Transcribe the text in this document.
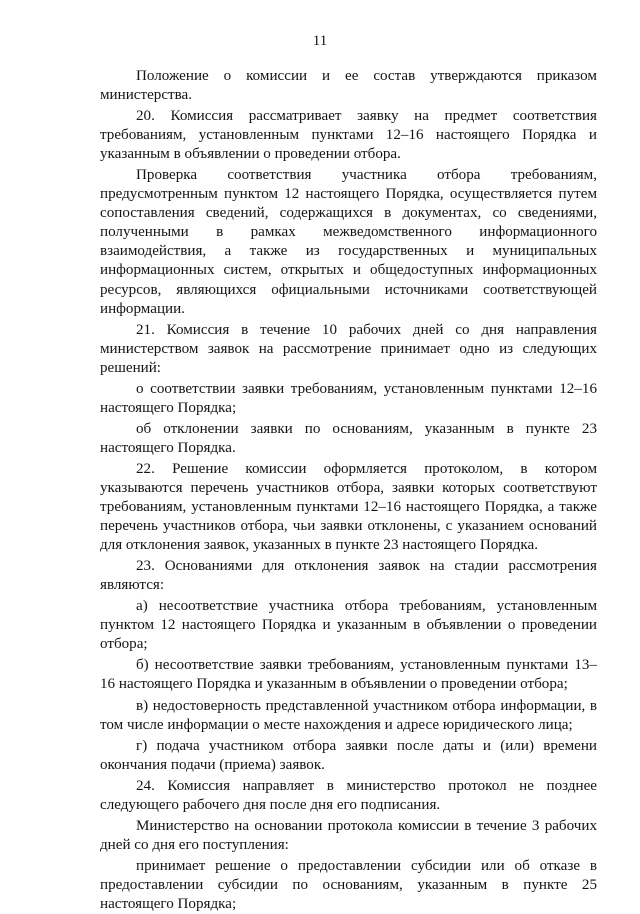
11

Положение о комиссии и ее состав утверждаются приказом министерства.

20. Комиссия рассматривает заявку на предмет соответствия требованиям, установленным пунктами 12–16 настоящего Порядка и указанным в объявлении о проведении отбора.

Проверка соответствия участника отбора требованиям, предусмотренным пунктом 12 настоящего Порядка, осуществляется путем сопоставления сведений, содержащихся в документах, со сведениями, полученными в рамках межведомственного информационного взаимодействия, а также из государственных и муниципальных информационных систем, открытых и общедоступных информационных ресурсов, являющихся официальными источниками соответствующей информации.

21. Комиссия в течение 10 рабочих дней со дня направления министерством заявок на рассмотрение принимает одно из следующих решений:

о соответствии заявки требованиям, установленным пунктами 12–16 настоящего Порядка;

об отклонении заявки по основаниям, указанным в пункте 23 настоящего Порядка.

22. Решение комиссии оформляется протоколом, в котором указываются перечень участников отбора, заявки которых соответствуют требованиям, установленным пунктами 12–16 настоящего Порядка, а также перечень участников отбора, чьи заявки отклонены, с указанием оснований для отклонения заявок, указанных в пункте 23 настоящего Порядка.

23. Основаниями для отклонения заявок на стадии рассмотрения являются:

а) несоответствие участника отбора требованиям, установленным пунктом 12 настоящего Порядка и указанным в объявлении о проведении отбора;

б) несоответствие заявки требованиям, установленным пунктами 13–16 настоящего Порядка и указанным в объявлении о проведении отбора;

в) недостоверность представленной участником отбора информации, в том числе информации о месте нахождения и адресе юридического лица;

г) подача участником отбора заявки после даты и (или) времени окончания подачи (приема) заявок.

24. Комиссия направляет в министерство протокол не позднее следующего рабочего дня после дня его подписания.

Министерство на основании протокола комиссии в течение 3 рабочих дней со дня его поступления:

принимает решение о предоставлении субсидии или об отказе в предоставлении субсидии по основаниям, указанным в пункте 25 настоящего Порядка;
